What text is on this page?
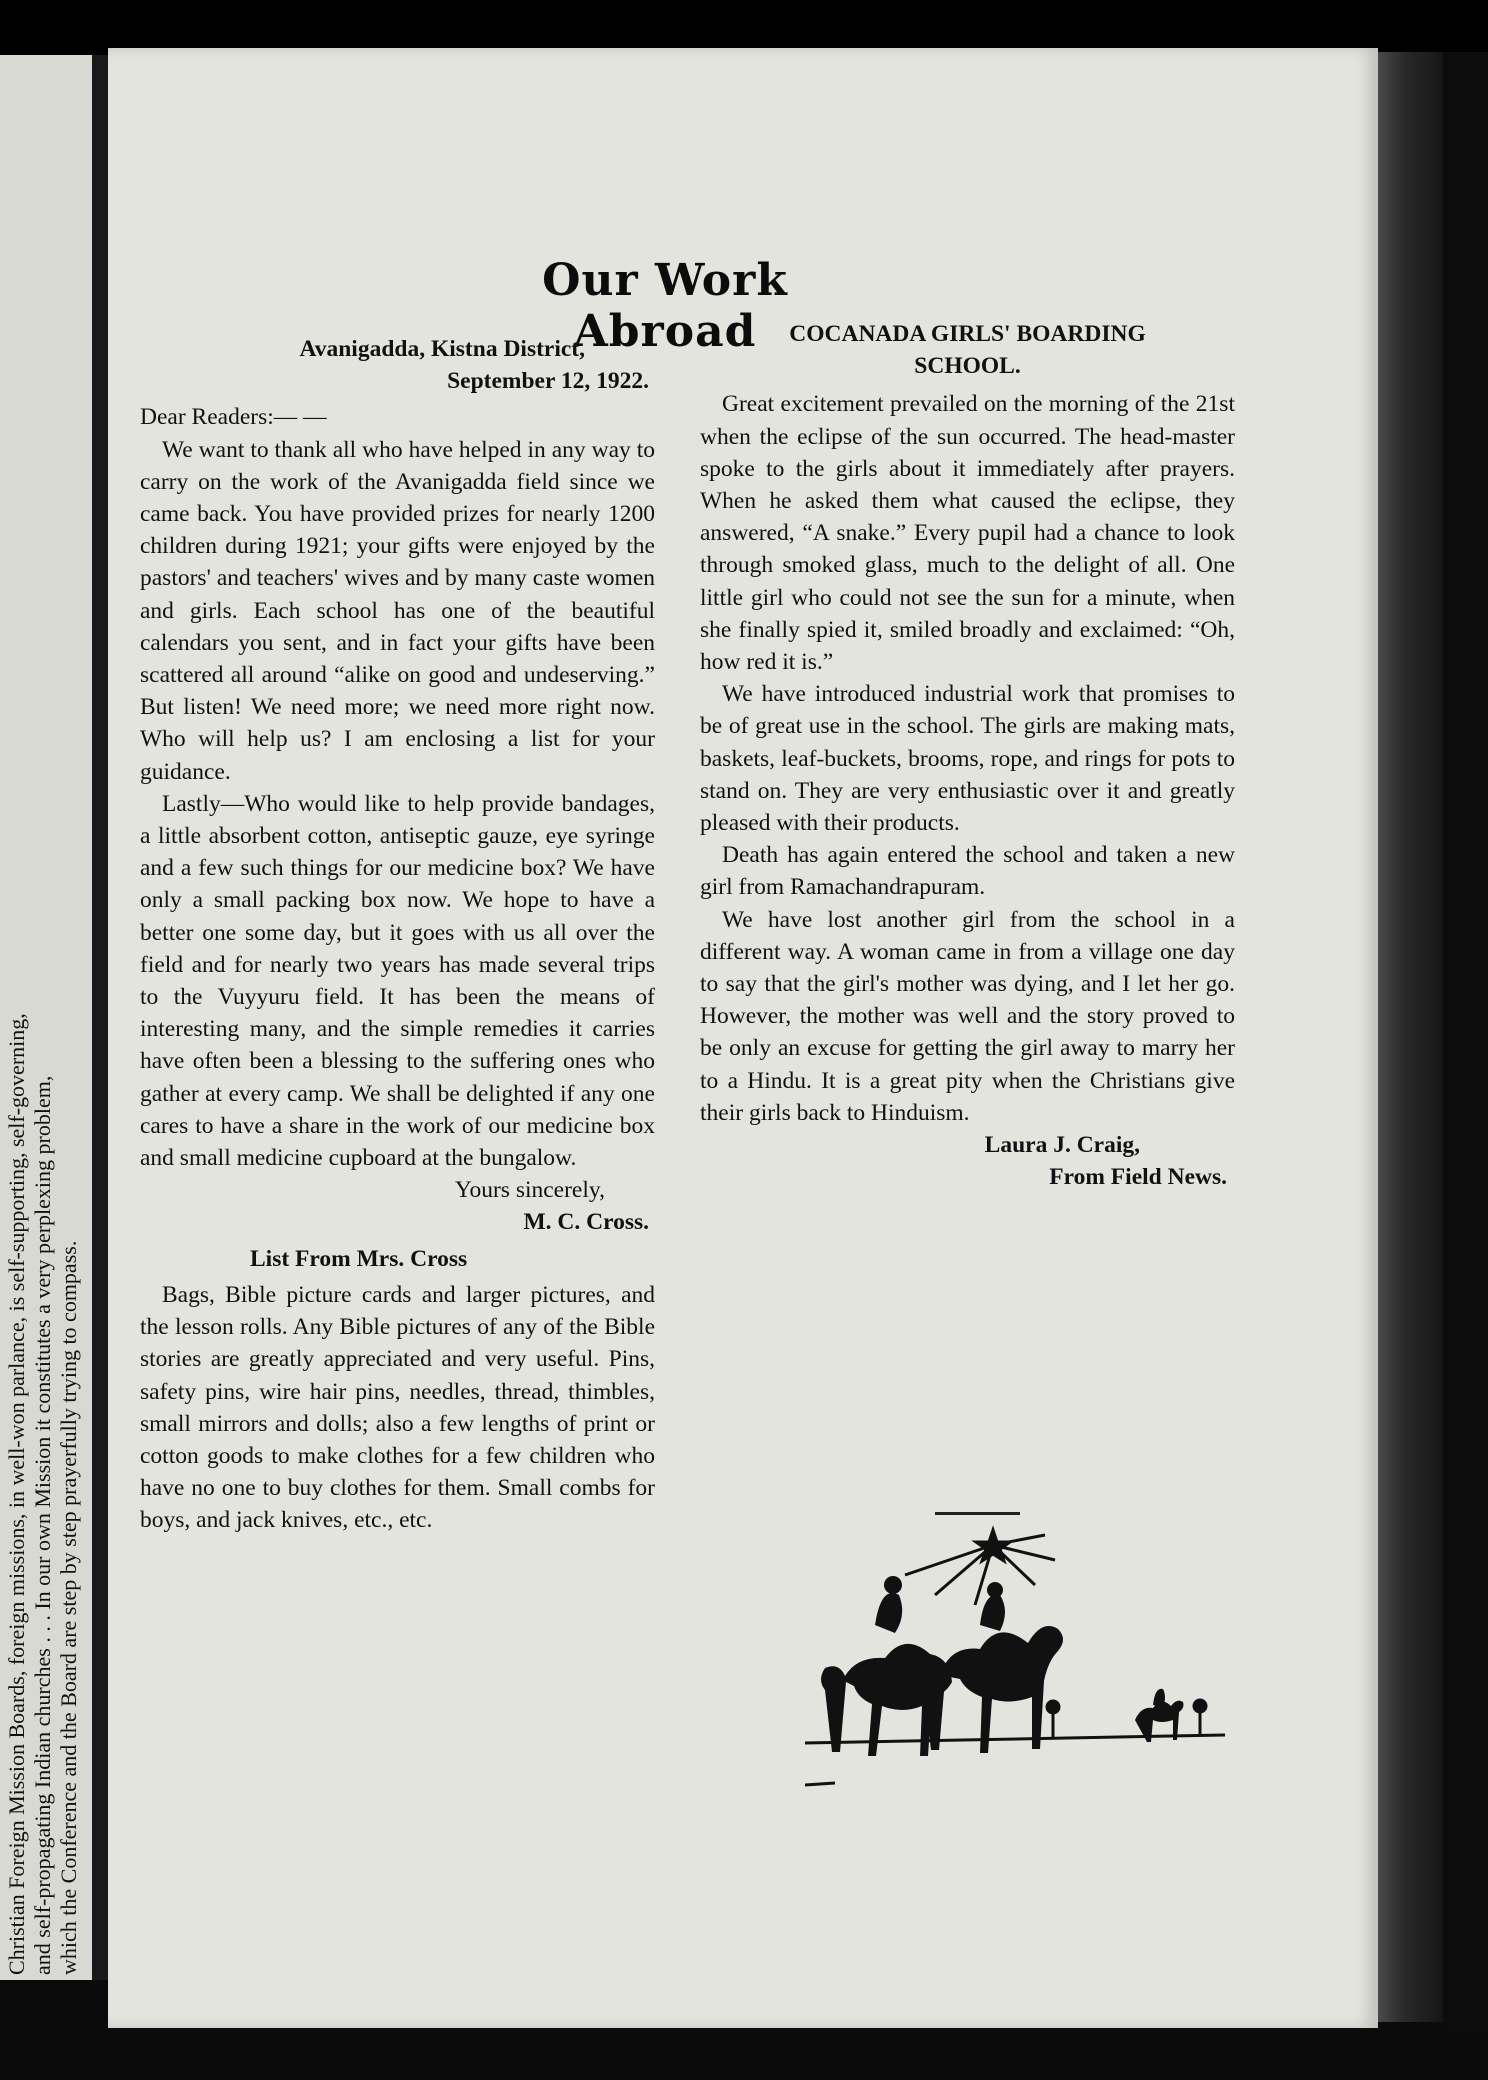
Christian Foreign Mission Boards, foreign missions, in well-won parlance, is self-supporting, self-governing, and self-propagating Indian churches . . . In our own Mission it constitutes a very perplexing problem, which the Conference and the Board are step by step prayerfully trying to compass.
Our Work Abroad

Avanigadda, Kistna District,

September 12, 1922.

Dear Readers:— —

We want to thank all who have helped in any way to carry on the work of the Avanigadda field since we came back. You have provided prizes for nearly 1200 children during 1921; your gifts were enjoyed by the pastors' and teachers' wives and by many caste women and girls. Each school has one of the beautiful calendars you sent, and in fact your gifts have been scattered all around “alike on good and undeserving.” But listen! We need more; we need more right now. Who will help us? I am enclosing a list for your guidance.

Lastly—Who would like to help provide bandages, a little absorbent cotton, antiseptic gauze, eye syringe and a few such things for our medicine box? We have only a small packing box now. We hope to have a better one some day, but it goes with us all over the field and for nearly two years has made several trips to the Vuyyuru field. It has been the means of interesting many, and the simple remedies it carries have often been a blessing to the suffering ones who gather at every camp. We shall be delighted if any one cares to have a share in the work of our medicine box and small medicine cupboard at the bungalow.

Yours sincerely,

M. C. Cross.

List From Mrs. Cross

Bags, Bible picture cards and larger pictures, and the lesson rolls. Any Bible pictures of any of the Bible stories are greatly appreciated and very useful. Pins, safety pins, wire hair pins, needles, thread, thimbles, small mirrors and dolls; also a few lengths of print or cotton goods to make clothes for a few children who have no one to buy clothes for them. Small combs for boys, and jack knives, etc., etc.

COCANADA GIRLS' BOARDING

SCHOOL.

Great excitement prevailed on the morning of the 21st when the eclipse of the sun occurred. The head-master spoke to the girls about it immediately after prayers. When he asked them what caused the eclipse, they answered, “A snake.” Every pupil had a chance to look through smoked glass, much to the delight of all. One little girl who could not see the sun for a minute, when she finally spied it, smiled broadly and exclaimed: “Oh, how red it is.”

We have introduced industrial work that promises to be of great use in the school. The girls are making mats, baskets, leaf-buckets, brooms, rope, and rings for pots to stand on. They are very enthusiastic over it and greatly pleased with their products.

Death has again entered the school and taken a new girl from Ramachandrapuram.

We have lost another girl from the school in a different way. A woman came in from a village one day to say that the girl's mother was dying, and I let her go. However, the mother was well and the story proved to be only an excuse for getting the girl away to marry her to a Hindu. It is a great pity when the Christians give their girls back to Hinduism.

Laura J. Craig,

From Field News.
